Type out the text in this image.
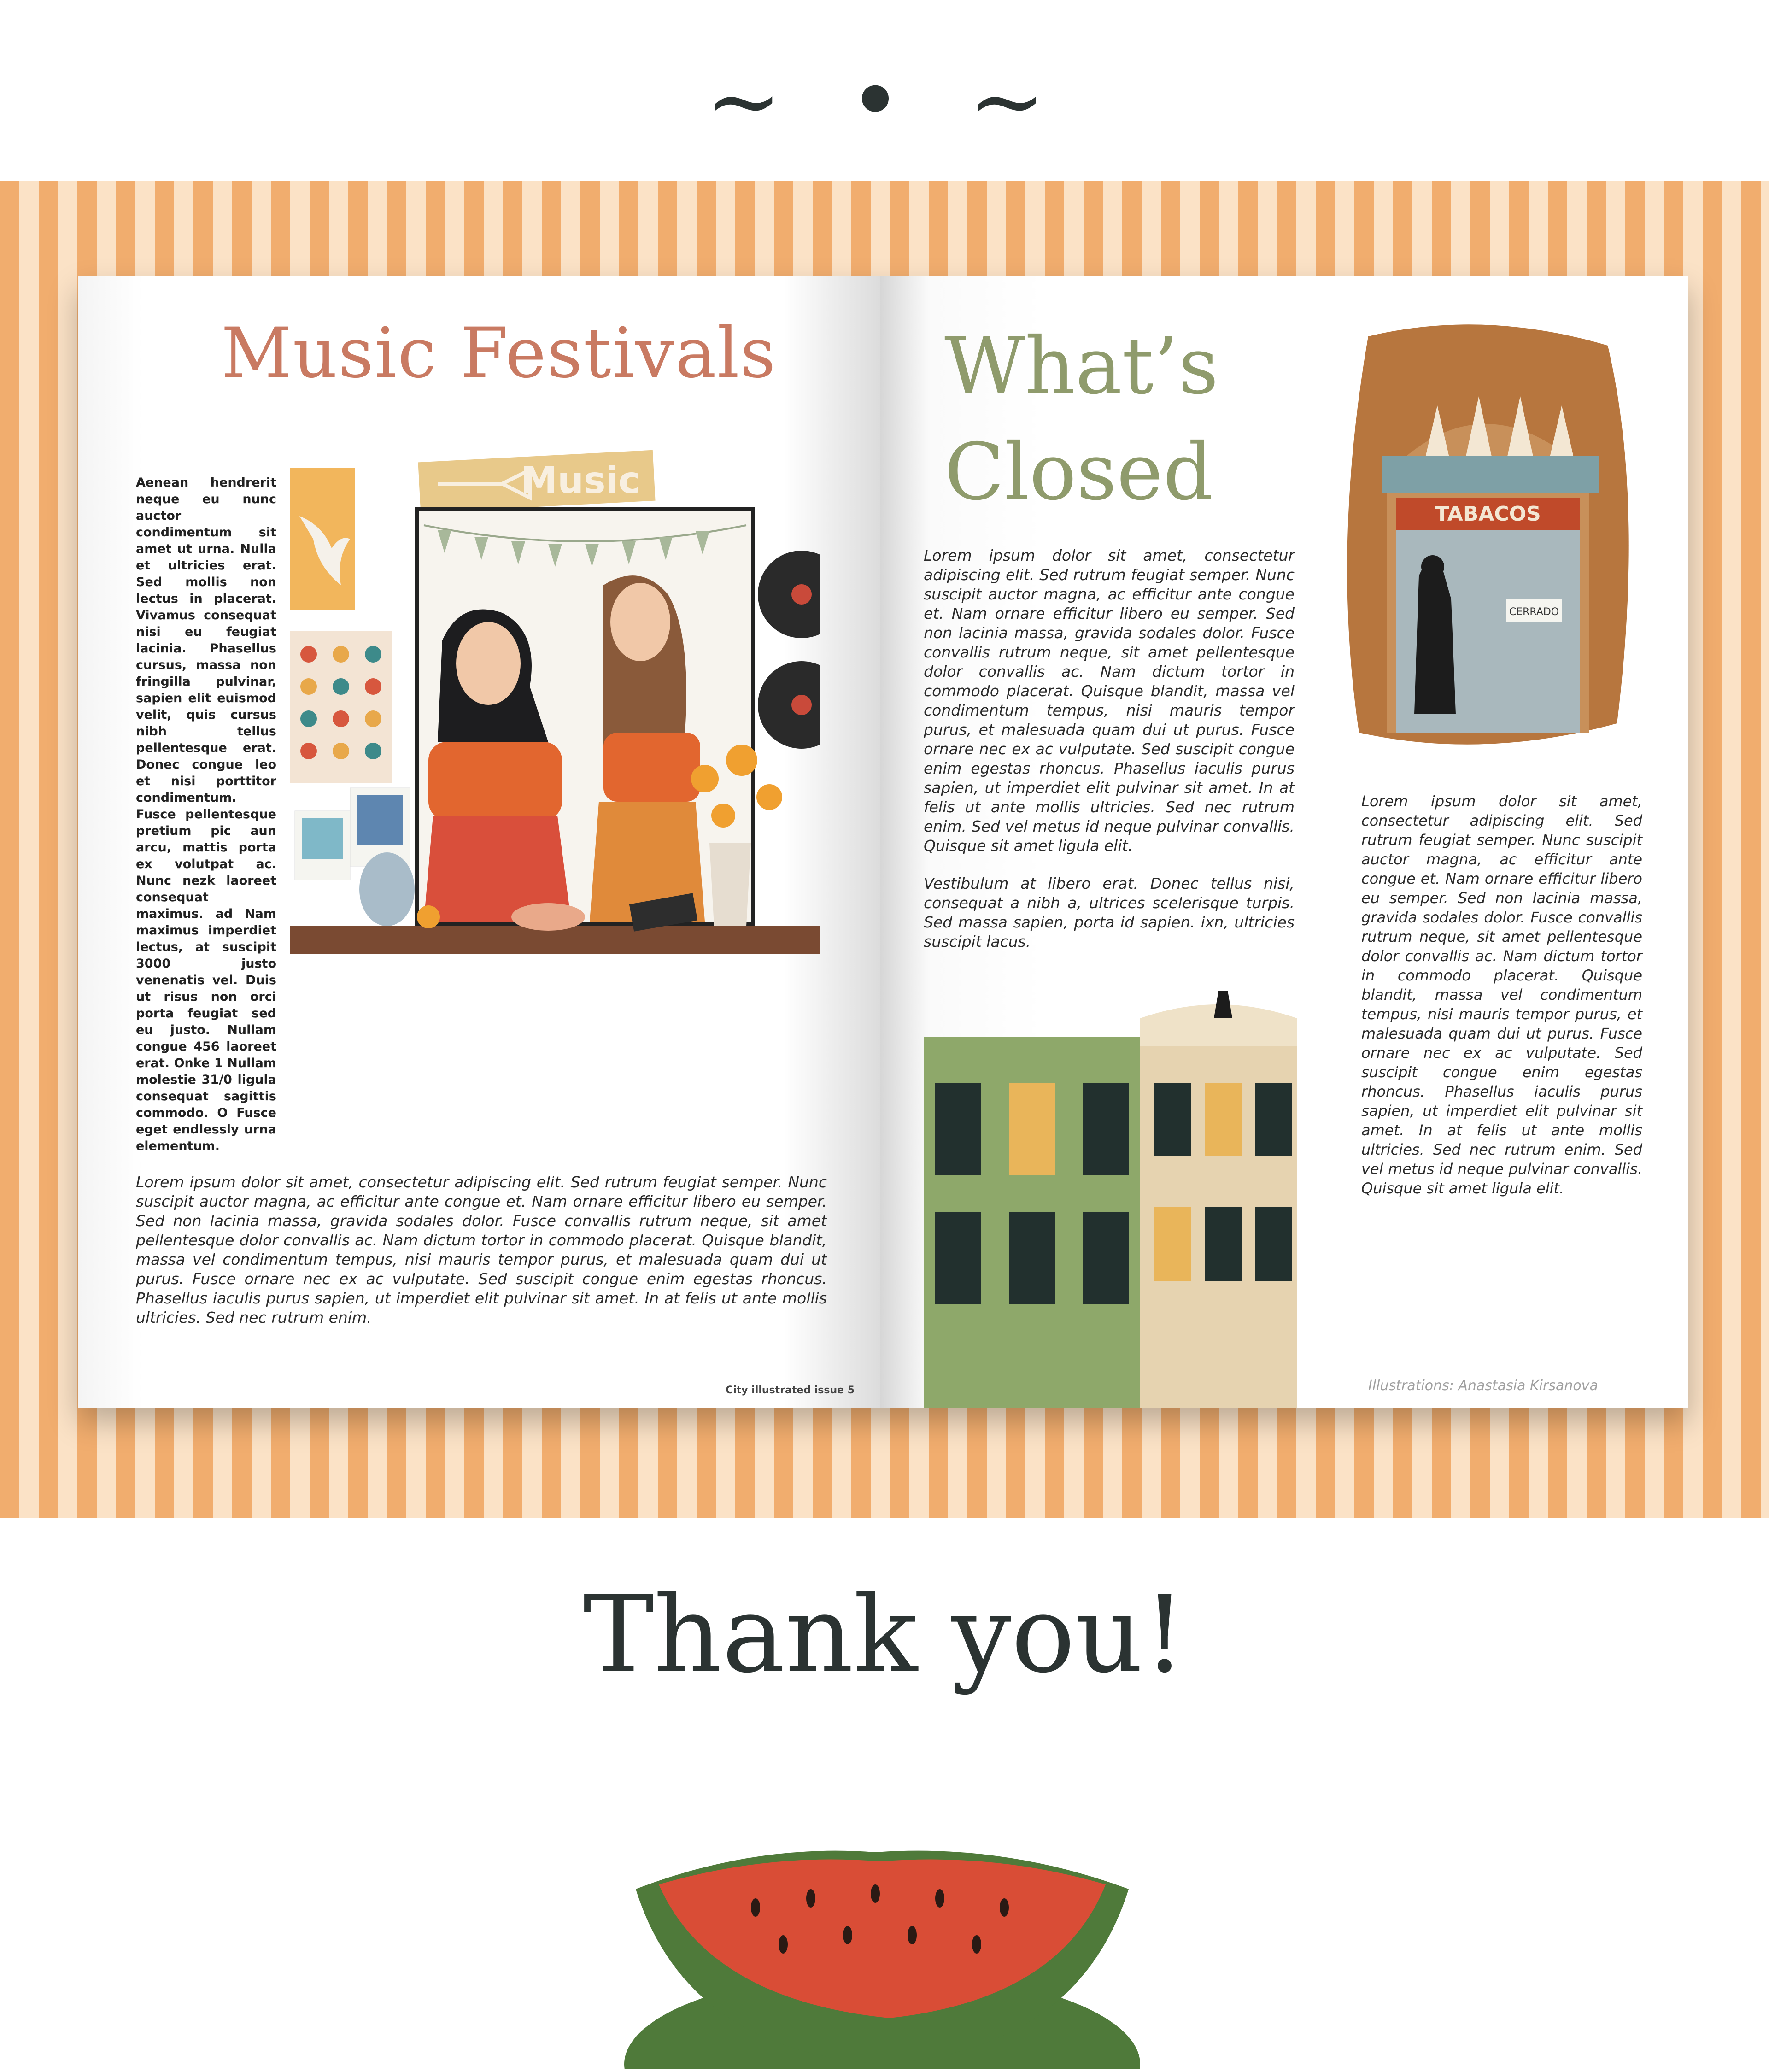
~ • ~
Music Festivals
Aenean hendrerit neque eu nunc auctor condimentum sit amet ut urna. Nulla et ultricies erat. Sed mollis non lectus in placerat. Vivamus consequat nisi eu feugiat lacinia. Phasellus cursus, massa non fringilla pulvinar, sapien elit euismod velit, quis cursus nibh tellus pellentesque erat. Donec congue leo et nisi porttitor condimentum. Fusce pellentesque pretium pic aun arcu, mattis porta ex volutpat ac. Nunc nezk laoreet consequat maximus. ad Nam maximus imperdiet lectus, at suscipit 3000 justo venenatis vel. Duis ut risus non orci porta feugiat sed eu justo. Nullam congue 456 laoreet erat. Onke 1 Nullam molestie 31/0 ligula consequat sagittis commodo. O Fusce eget endlessly urna elementum.
Music
Lorem ipsum dolor sit amet, consectetur adipiscing elit. Sed rutrum feugiat semper. Nunc suscipit auctor magna, ac efficitur ante congue et. Nam ornare efficitur libero eu semper. Sed non lacinia massa, gravida sodales dolor. Fusce convallis rutrum neque, sit amet pellentesque dolor convallis ac. Nam dictum tortor in commodo placerat. Quisque blandit, massa vel condimentum tempus, nisi mauris tempor purus, et malesuada quam dui ut purus. Fusce ornare nec ex ac vulputate. Sed suscipit congue enim egestas rhoncus. Phasellus iaculis purus sapien, ut imperdiet elit pulvinar sit amet. In at felis ut ante mollis ultricies. Sed nec rutrum enim.
City illustrated issue 5
What’s
Closed

Lorem ipsum dolor sit amet, consectetur adipiscing elit. Sed rutrum feugiat semper. Nunc suscipit auctor magna, ac efficitur ante congue et. Nam ornare efficitur libero eu semper. Sed non lacinia massa, gravida sodales dolor. Fusce convallis rutrum neque, sit amet pellentesque dolor convallis ac. Nam dictum tortor in commodo placerat. Quisque blandit, massa vel condimentum tempus, nisi mauris tempor purus, et malesuada quam dui ut purus. Fusce ornare nec ex ac vulputate. Sed suscipit congue enim egestas rhoncus. Phasellus iaculis purus sapien, ut imperdiet elit pulvinar sit amet. In at felis ut ante mollis ultricies. Sed nec rutrum enim. Sed vel metus id neque pulvinar convallis. Quisque sit amet ligula elit.

Vestibulum at libero erat. Donec tellus nisi, consequat a nibh a, ultrices scelerisque turpis. Sed massa sapien, porta id sapien. ixn, ultricies suscipit lacus.

TABACOS
CERRADO
Lorem ipsum dolor sit amet, consectetur adipiscing elit. Sed rutrum feugiat semper. Nunc suscipit auctor magna, ac efficitur ante congue et. Nam ornare efficitur libero eu semper. Sed non lacinia massa, gravida sodales dolor. Fusce convallis rutrum neque, sit amet pellentesque dolor convallis ac. Nam dictum tortor in commodo placerat. Quisque blandit, massa vel condimentum tempus, nisi mauris tempor purus, et malesuada quam dui ut purus. Fusce ornare nec ex ac vulputate. Sed suscipit congue enim egestas rhoncus. Phasellus iaculis purus sapien, ut imperdiet elit pulvinar sit amet. In at felis ut ante mollis ultricies. Sed nec rutrum enim. Sed vel metus id neque pulvinar convallis. Quisque sit amet ligula elit.
Illustrations: Anastasia Kirsanova
Thank you!
